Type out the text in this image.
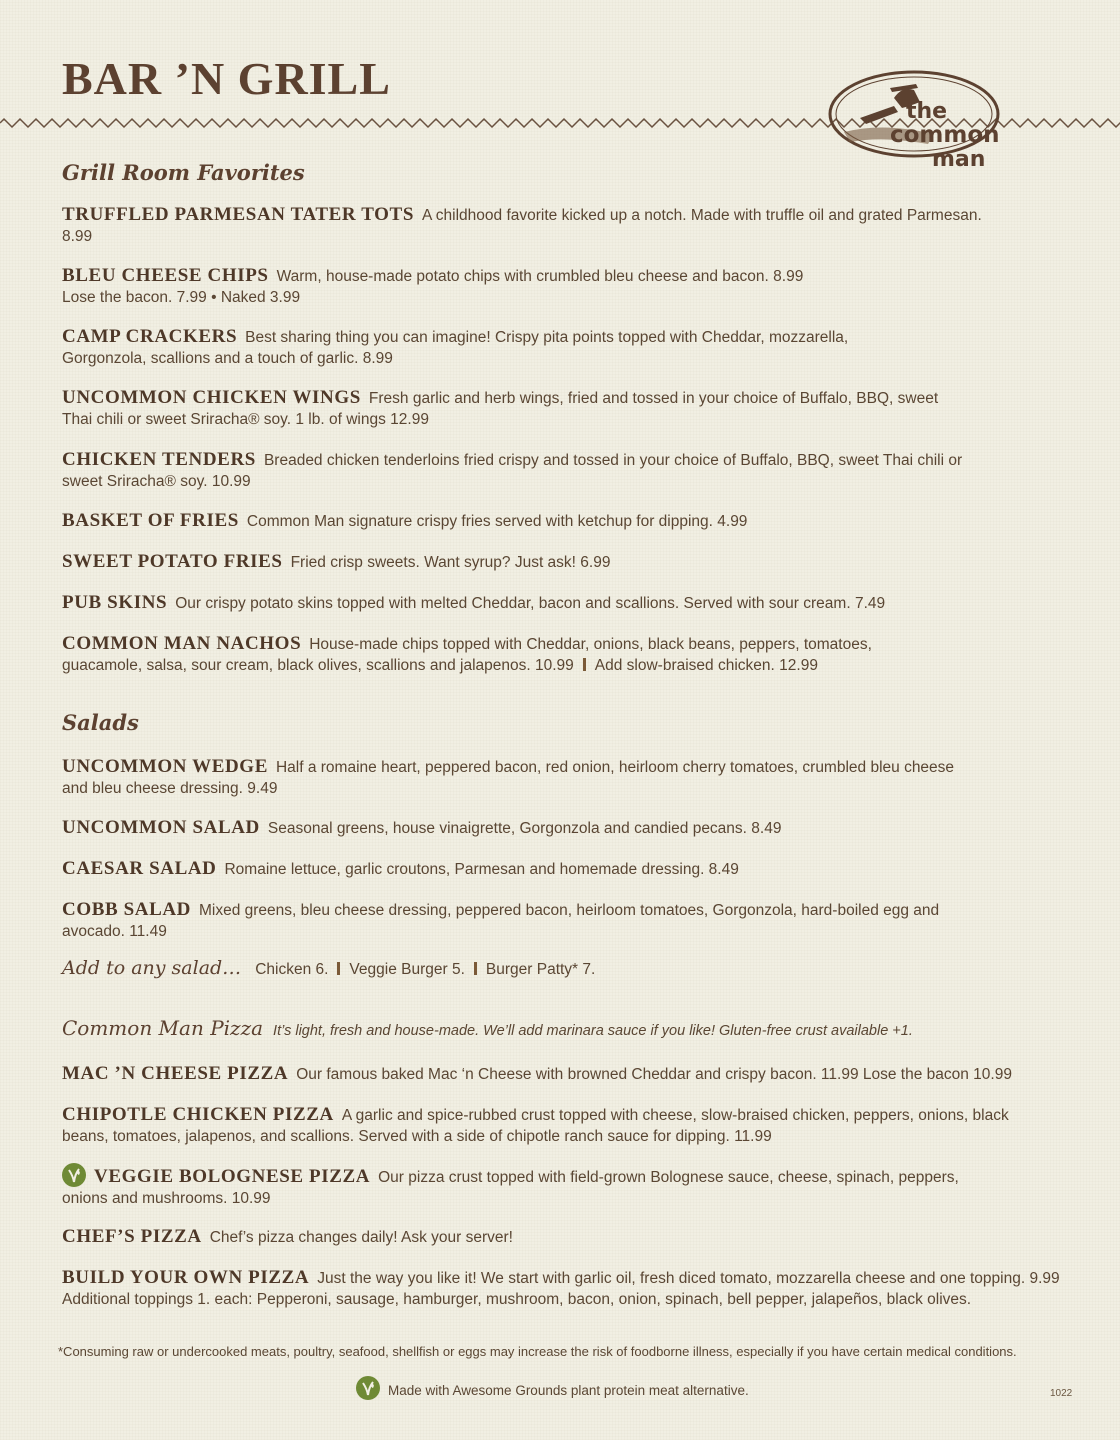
BAR ’N GRILL
the
common
man
Grill Room Favorites

TRUFFLED PARMESAN TATER TOTS A childhood favorite kicked up a notch. Made with truffle oil and grated Parmesan. 8.99

BLEU CHEESE CHIPS Warm, house-made potato chips with crumbled bleu cheese and bacon. 8.99
Lose the bacon. 7.99 • Naked 3.99

CAMP CRACKERS Best sharing thing you can imagine! Crispy pita points topped with Cheddar, mozzarella, Gorgonzola, scallions and a touch of garlic. 8.99

UNCOMMON CHICKEN WINGS Fresh garlic and herb wings, fried and tossed in your choice of Buffalo, BBQ, sweet Thai chili or sweet Sriracha® soy. 1 lb. of wings 12.99

CHICKEN TENDERS Breaded chicken tenderloins fried crispy and tossed in your choice of Buffalo, BBQ, sweet Thai chili or sweet Sriracha® soy. 10.99

BASKET OF FRIES Common Man signature crispy fries served with ketchup for dipping. 4.99

SWEET POTATO FRIES Fried crisp sweets. Want syrup? Just ask! 6.99

PUB SKINS Our crispy potato skins topped with melted Cheddar, bacon and scallions. Served with sour cream. 7.49

COMMON MAN NACHOS House-made chips topped with Cheddar, onions, black beans, peppers, tomatoes, guacamole, salsa, sour cream, black olives, scallions and jalapenos. 10.99 Add slow-braised chicken. 12.99

Salads

UNCOMMON WEDGE Half a romaine heart, peppered bacon, red onion, heirloom cherry tomatoes, crumbled bleu cheese and bleu cheese dressing. 9.49

UNCOMMON SALAD Seasonal greens, house vinaigrette, Gorgonzola and candied pecans. 8.49

CAESAR SALAD Romaine lettuce, garlic croutons, Parmesan and homemade dressing. 8.49

COBB SALAD Mixed greens, bleu cheese dressing, peppered bacon, heirloom tomatoes, Gorgonzola, hard-boiled egg and avocado. 11.49

Add to any salad… Chicken 6. Veggie Burger 5. Burger Patty* 7.

Common Man Pizza It’s light, fresh and house-made. We’ll add marinara sauce if you like! Gluten-free crust available +1.

MAC ’N CHEESE PIZZA Our famous baked Mac ‘n Cheese with browned Cheddar and crispy bacon. 11.99 Lose the bacon 10.99

CHIPOTLE CHICKEN PIZZA A garlic and spice-rubbed crust topped with cheese, slow-braised chicken, peppers, onions, black beans, tomatoes, jalapenos, and scallions. Served with a side of chipotle ranch sauce for dipping. 11.99

VEGGIE BOLOGNESE PIZZA Our pizza crust topped with field-grown Bolognese sauce, cheese, spinach, peppers, onions and mushrooms. 10.99

CHEF’S PIZZA Chef’s pizza changes daily! Ask your server!

BUILD YOUR OWN PIZZA Just the way you like it! We start with garlic oil, fresh diced tomato, mozzarella cheese and one topping. 9.99 Additional toppings 1. each: Pepperoni, sausage, hamburger, mushroom, bacon, onion, spinach, bell pepper, jalapeños, black olives.

*Consuming raw or undercooked meats, poultry, seafood, shellfish or eggs may increase the risk of foodborne illness, especially if you have certain medical conditions.

Made with Awesome Grounds plant protein meat alternative.	1022
